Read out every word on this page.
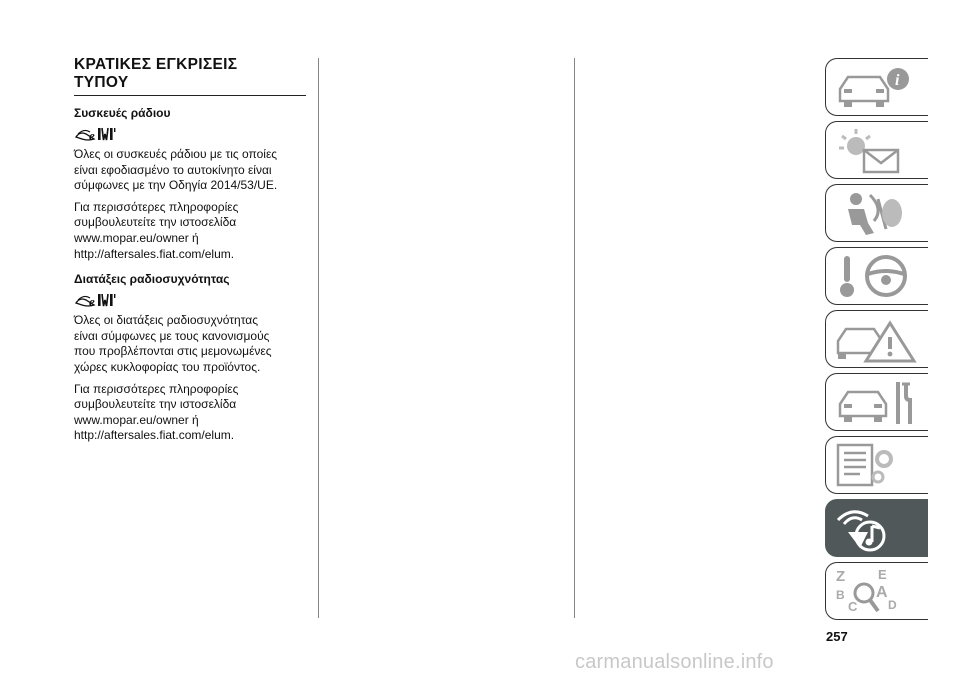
ΚΡΑΤΙΚΕΣ ΕΓΚΡΙΣΕΙΣ
ΤΥΠΟΥ
Συσκευές ράδιου
e
Όλες οι συσκευές ράδιου με τις οποίες
είναι εφοδιασμένο το αυτοκίνητο είναι
σύμφωνες με την Οδηγία 2014/53/UE.
Για περισσότερες πληροφορίες
συμβουλευτείτε την ιστοσελίδα
www.mopar.eu/owner ή
http://aftersales.fiat.com/elum.
Διατάξεις ραδιοσυχνότητας
e
Όλες οι διατάξεις ραδιοσυχνότητας
είναι σύμφωνες με τους κανονισμούς
που προβλέπονται στις μεμονωμένες
χώρες κυκλοφορίας του προϊόντος.
Για περισσότερες πληροφορίες
συμβουλευτείτε την ιστοσελίδα
www.mopar.eu/owner ή
http://aftersales.fiat.com/elum.
i
Z	E
B A
C	D
257
carmanualsonline.info
